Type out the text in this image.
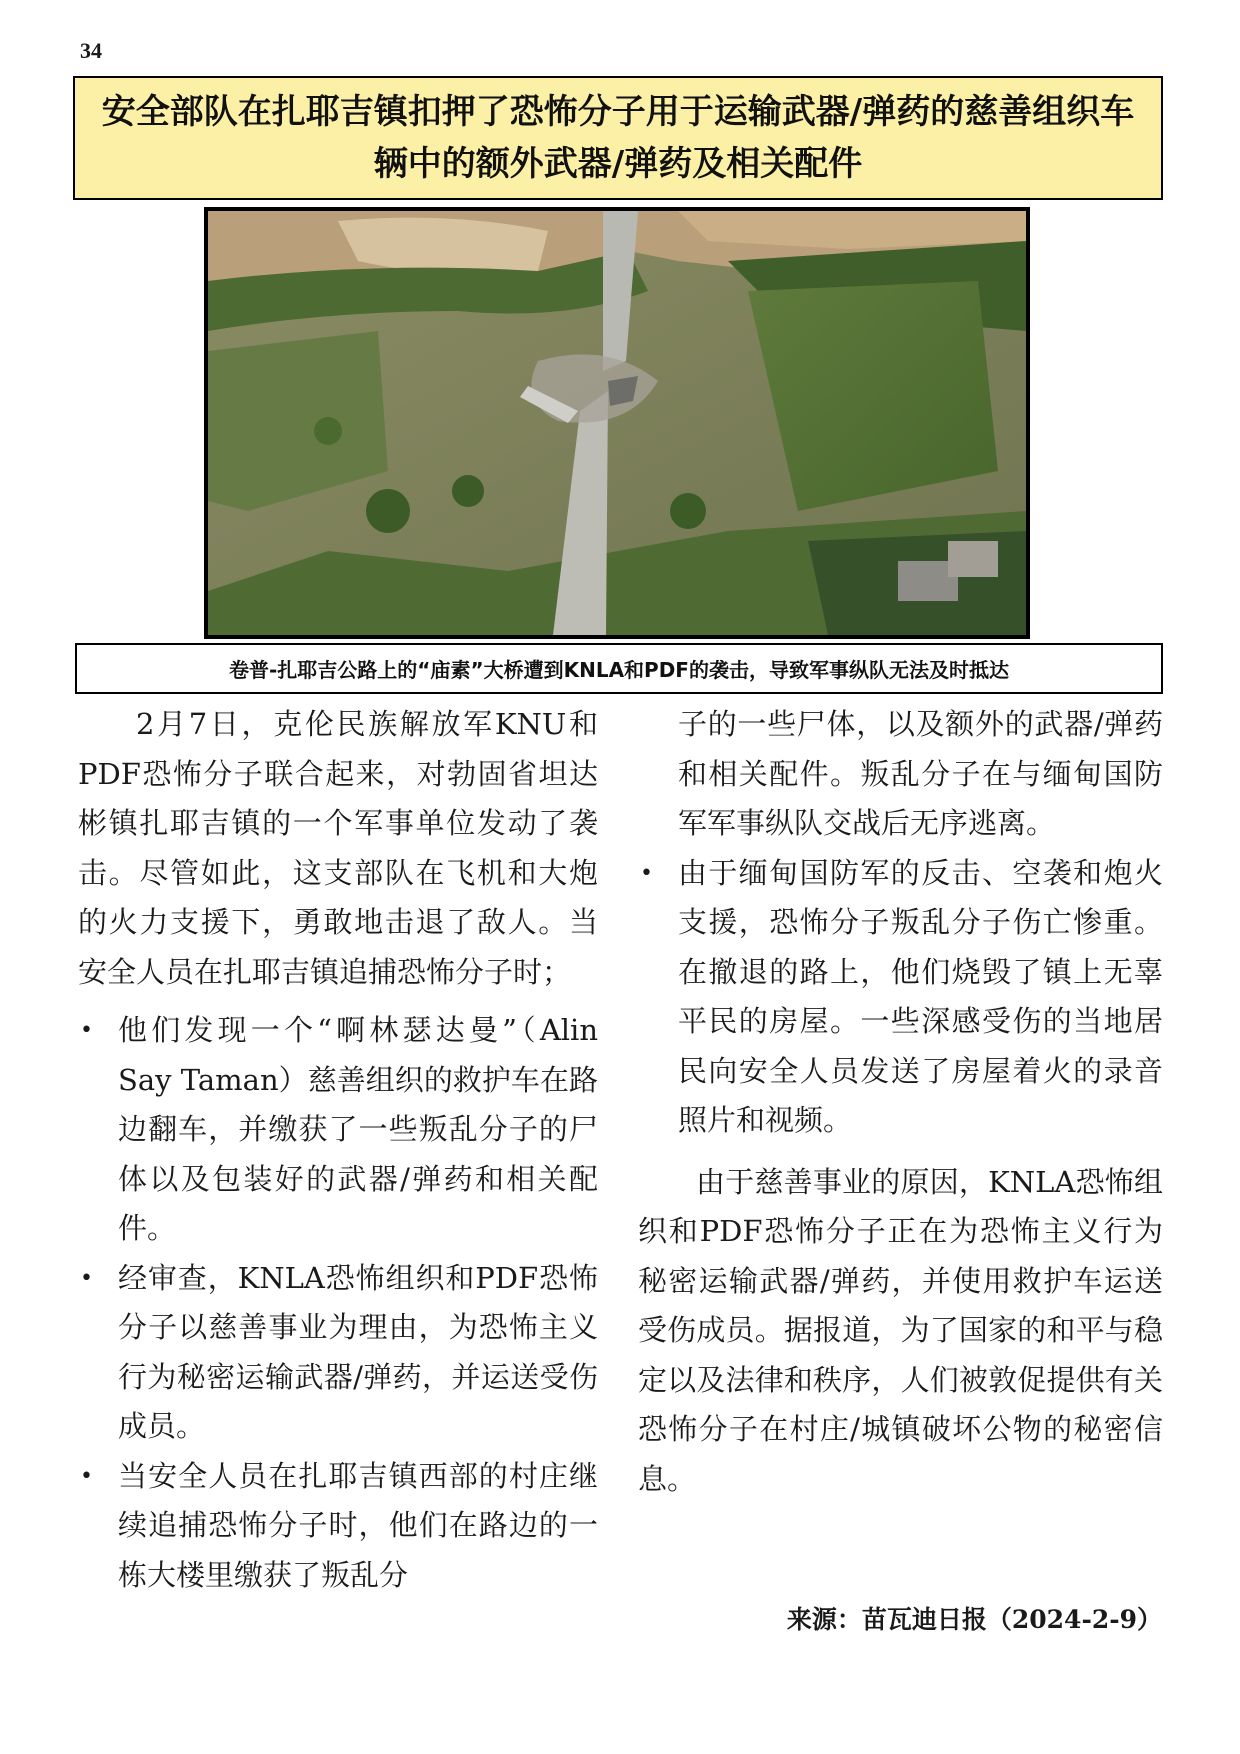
34
安全部队在扎耶吉镇扣押了恐怖分子用于运输武器/弹药的慈善组织车辆中的额外武器/弹药及相关配件
卷普-扎耶吉公路上的“庙素”大桥遭到KNLA和PDF的袭击，导致军事纵队无法及时抵达

2月7日，克伦民族解放军KNU和PDF恐怖分子联合起来，对勃固省坦达彬镇扎耶吉镇的一个军事单位发动了袭击。尽管如此，这支部队在飞机和大炮的火力支援下，勇敢地击退了敌人。当安全人员在扎耶吉镇追捕恐怖分子时；

• 他们发现一个“啊林瑟达曼”（Alin Say Taman）慈善组织的救护车在路边翻车，并缴获了一些叛乱分子的尸体以及包装好的武器/弹药和相关配件。
• 经审查，KNLA恐怖组织和PDF恐怖分子以慈善事业为理由，为恐怖主义行为秘密运输武器/弹药，并运送受伤成员。
• 当安全人员在扎耶吉镇西部的村庄继续追捕恐怖分子时，他们在路边的一栋大楼里缴获了叛乱分

子的一些尸体，以及额外的武器/弹药和相关配件。叛乱分子在与缅甸国防军军事纵队交战后无序逃离。

• 由于缅甸国防军的反击、空袭和炮火支援，恐怖分子叛乱分子伤亡惨重。在撤退的路上，他们烧毁了镇上无辜平民的房屋。一些深感受伤的当地居民向安全人员发送了房屋着火的录音照片和视频。

由于慈善事业的原因，KNLA恐怖组织和PDF恐怖分子正在为恐怖主义行为秘密运输武器/弹药，并使用救护车运送受伤成员。据报道，为了国家的和平与稳定以及法律和秩序，人们被敦促提供有关恐怖分子在村庄/城镇破坏公物的秘密信息。

来源：苗瓦迪日报（2024-2-9）
